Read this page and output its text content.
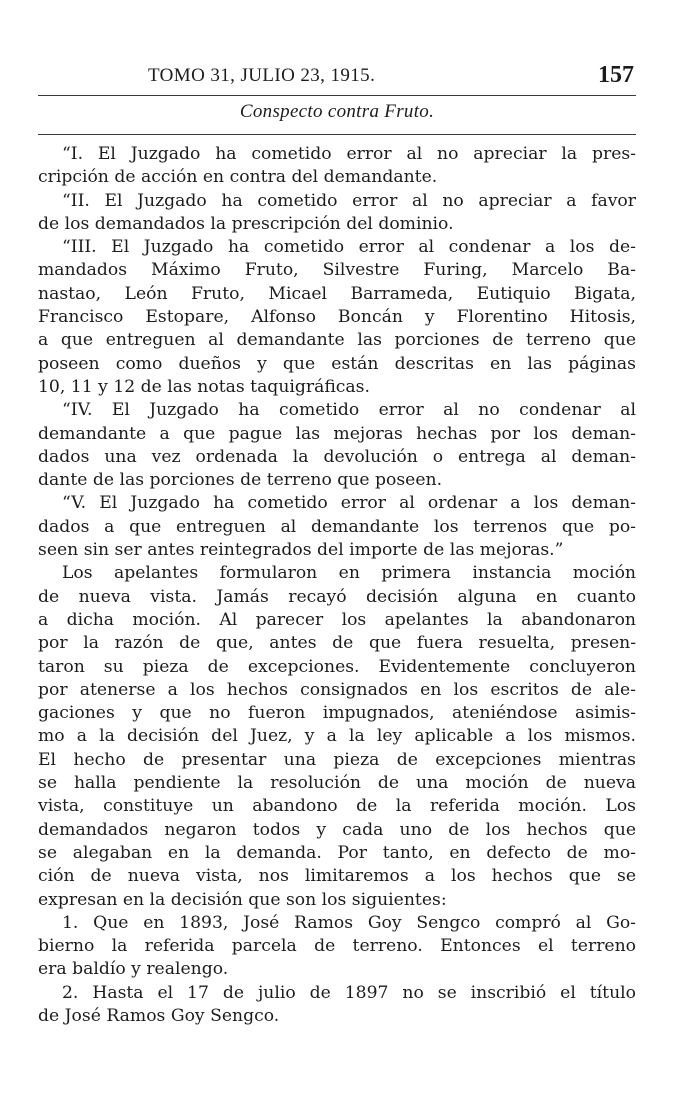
TOMO 31, JULIO 23, 1915.	157
Conspecto contra Fruto.
“I. El Juzgado ha cometido error al no apreciar la pres-
cripción de acción en contra del demandante.
“II. El Juzgado ha cometido error al no apreciar a favor
de los demandados la prescripción del dominio.
“III. El Juzgado ha cometido error al condenar a los de-
mandados Máximo Fruto, Silvestre Furing, Marcelo Ba-
nastao, León Fruto, Micael Barrameda, Eutiquio Bigata,
Francisco Estopare, Alfonso Boncán y Florentino Hitosis,
a que entreguen al demandante las porciones de terreno que
poseen como dueños y que están descritas en las páginas
10, 11 y 12 de las notas taquigráficas.
“IV. El Juzgado ha cometido error al no condenar al
demandante a que pague las mejoras hechas por los deman-
dados una vez ordenada la devolución o entrega al deman-
dante de las porciones de terreno que poseen.
“V. El Juzgado ha cometido error al ordenar a los deman-
dados a que entreguen al demandante los terrenos que po-
seen sin ser antes reintegrados del importe de las mejoras.”
Los apelantes formularon en primera instancia moción
de nueva vista. Jamás recayó decisión alguna en cuanto
a dicha moción. Al parecer los apelantes la abandonaron
por la razón de que, antes de que fuera resuelta, presen-
taron su pieza de excepciones. Evidentemente concluyeron
por atenerse a los hechos consignados en los escritos de ale-
gaciones y que no fueron impugnados, ateniéndose asimis-
mo a la decisión del Juez, y a la ley aplicable a los mismos.
El hecho de presentar una pieza de excepciones mientras
se halla pendiente la resolución de una moción de nueva
vista, constituye un abandono de la referida moción. Los
demandados negaron todos y cada uno de los hechos que
se alegaban en la demanda. Por tanto, en defecto de mo-
ción de nueva vista, nos limitaremos a los hechos que se
expresan en la decisión que son los siguientes:
1. Que en 1893, José Ramos Goy Sengco compró al Go-
bierno la referida parcela de terreno. Entonces el terreno
era baldío y realengo.
2. Hasta el 17 de julio de 1897 no se inscribió el título
de José Ramos Goy Sengco.
